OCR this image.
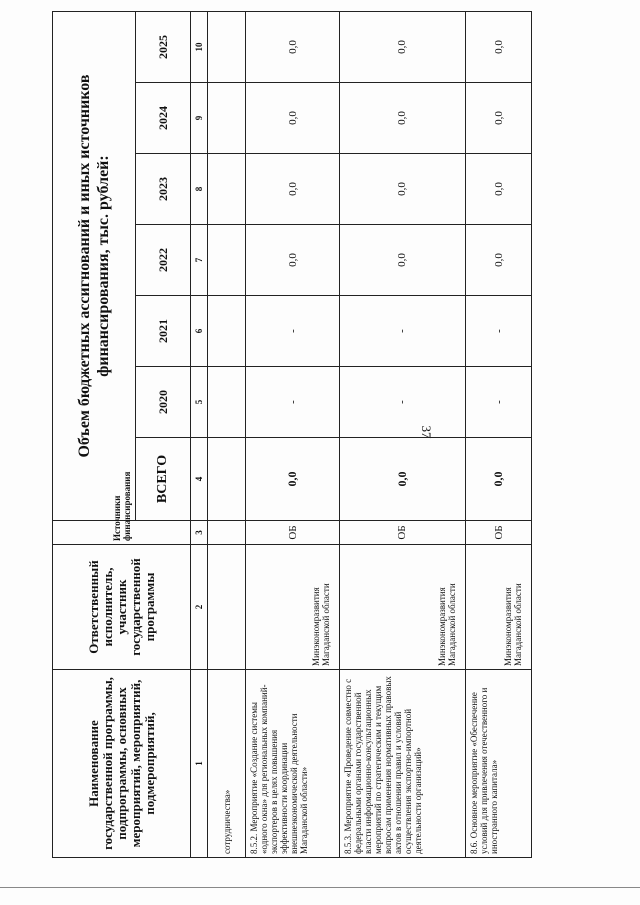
37
Наименование государственной программы, подпрограммы, основных мероприятий, мероприятий, подмероприятий,	Ответственный исполнитель, участник государственной программы	Источники финансирования	Объем бюджетных ассигнований и иных источников финансирования, тыс. рублей:						
			ВСЕГО	2020	2021	2022	2023	2024	2025
1	2	3	4	5	6	7	8	9	10
сотрудничества»									
8.5.2. Мероприятие «Создание системы «одного окна» для региональных компаний-экспортеров в целях повышения эффективности координации внешнеэкономической деятельности Магаданской области»	Минэкономразвития Магаданской области	ОБ	0,0	-	-	0,0	0,0	0,0	0,0
8.5.3. Мероприятие «Проведение совместно с федеральными органами государственной власти информационно-консультационных мероприятий по стратегическим и текущим вопросам применения нормативных правовых актов в отношении правил и условий осуществления экспортно-импортной деятельности организаций»	Минэкономразвития Магаданской области	ОБ	0,0	-	-	0,0	0,0	0,0	0,0
8.6. Основное мероприятие «Обеспечение условий для привлечения отечественного и иностранного капитала»	Минэкономразвития Магаданской области	ОБ	0,0	-	-	0,0	0,0	0,0	0,0
